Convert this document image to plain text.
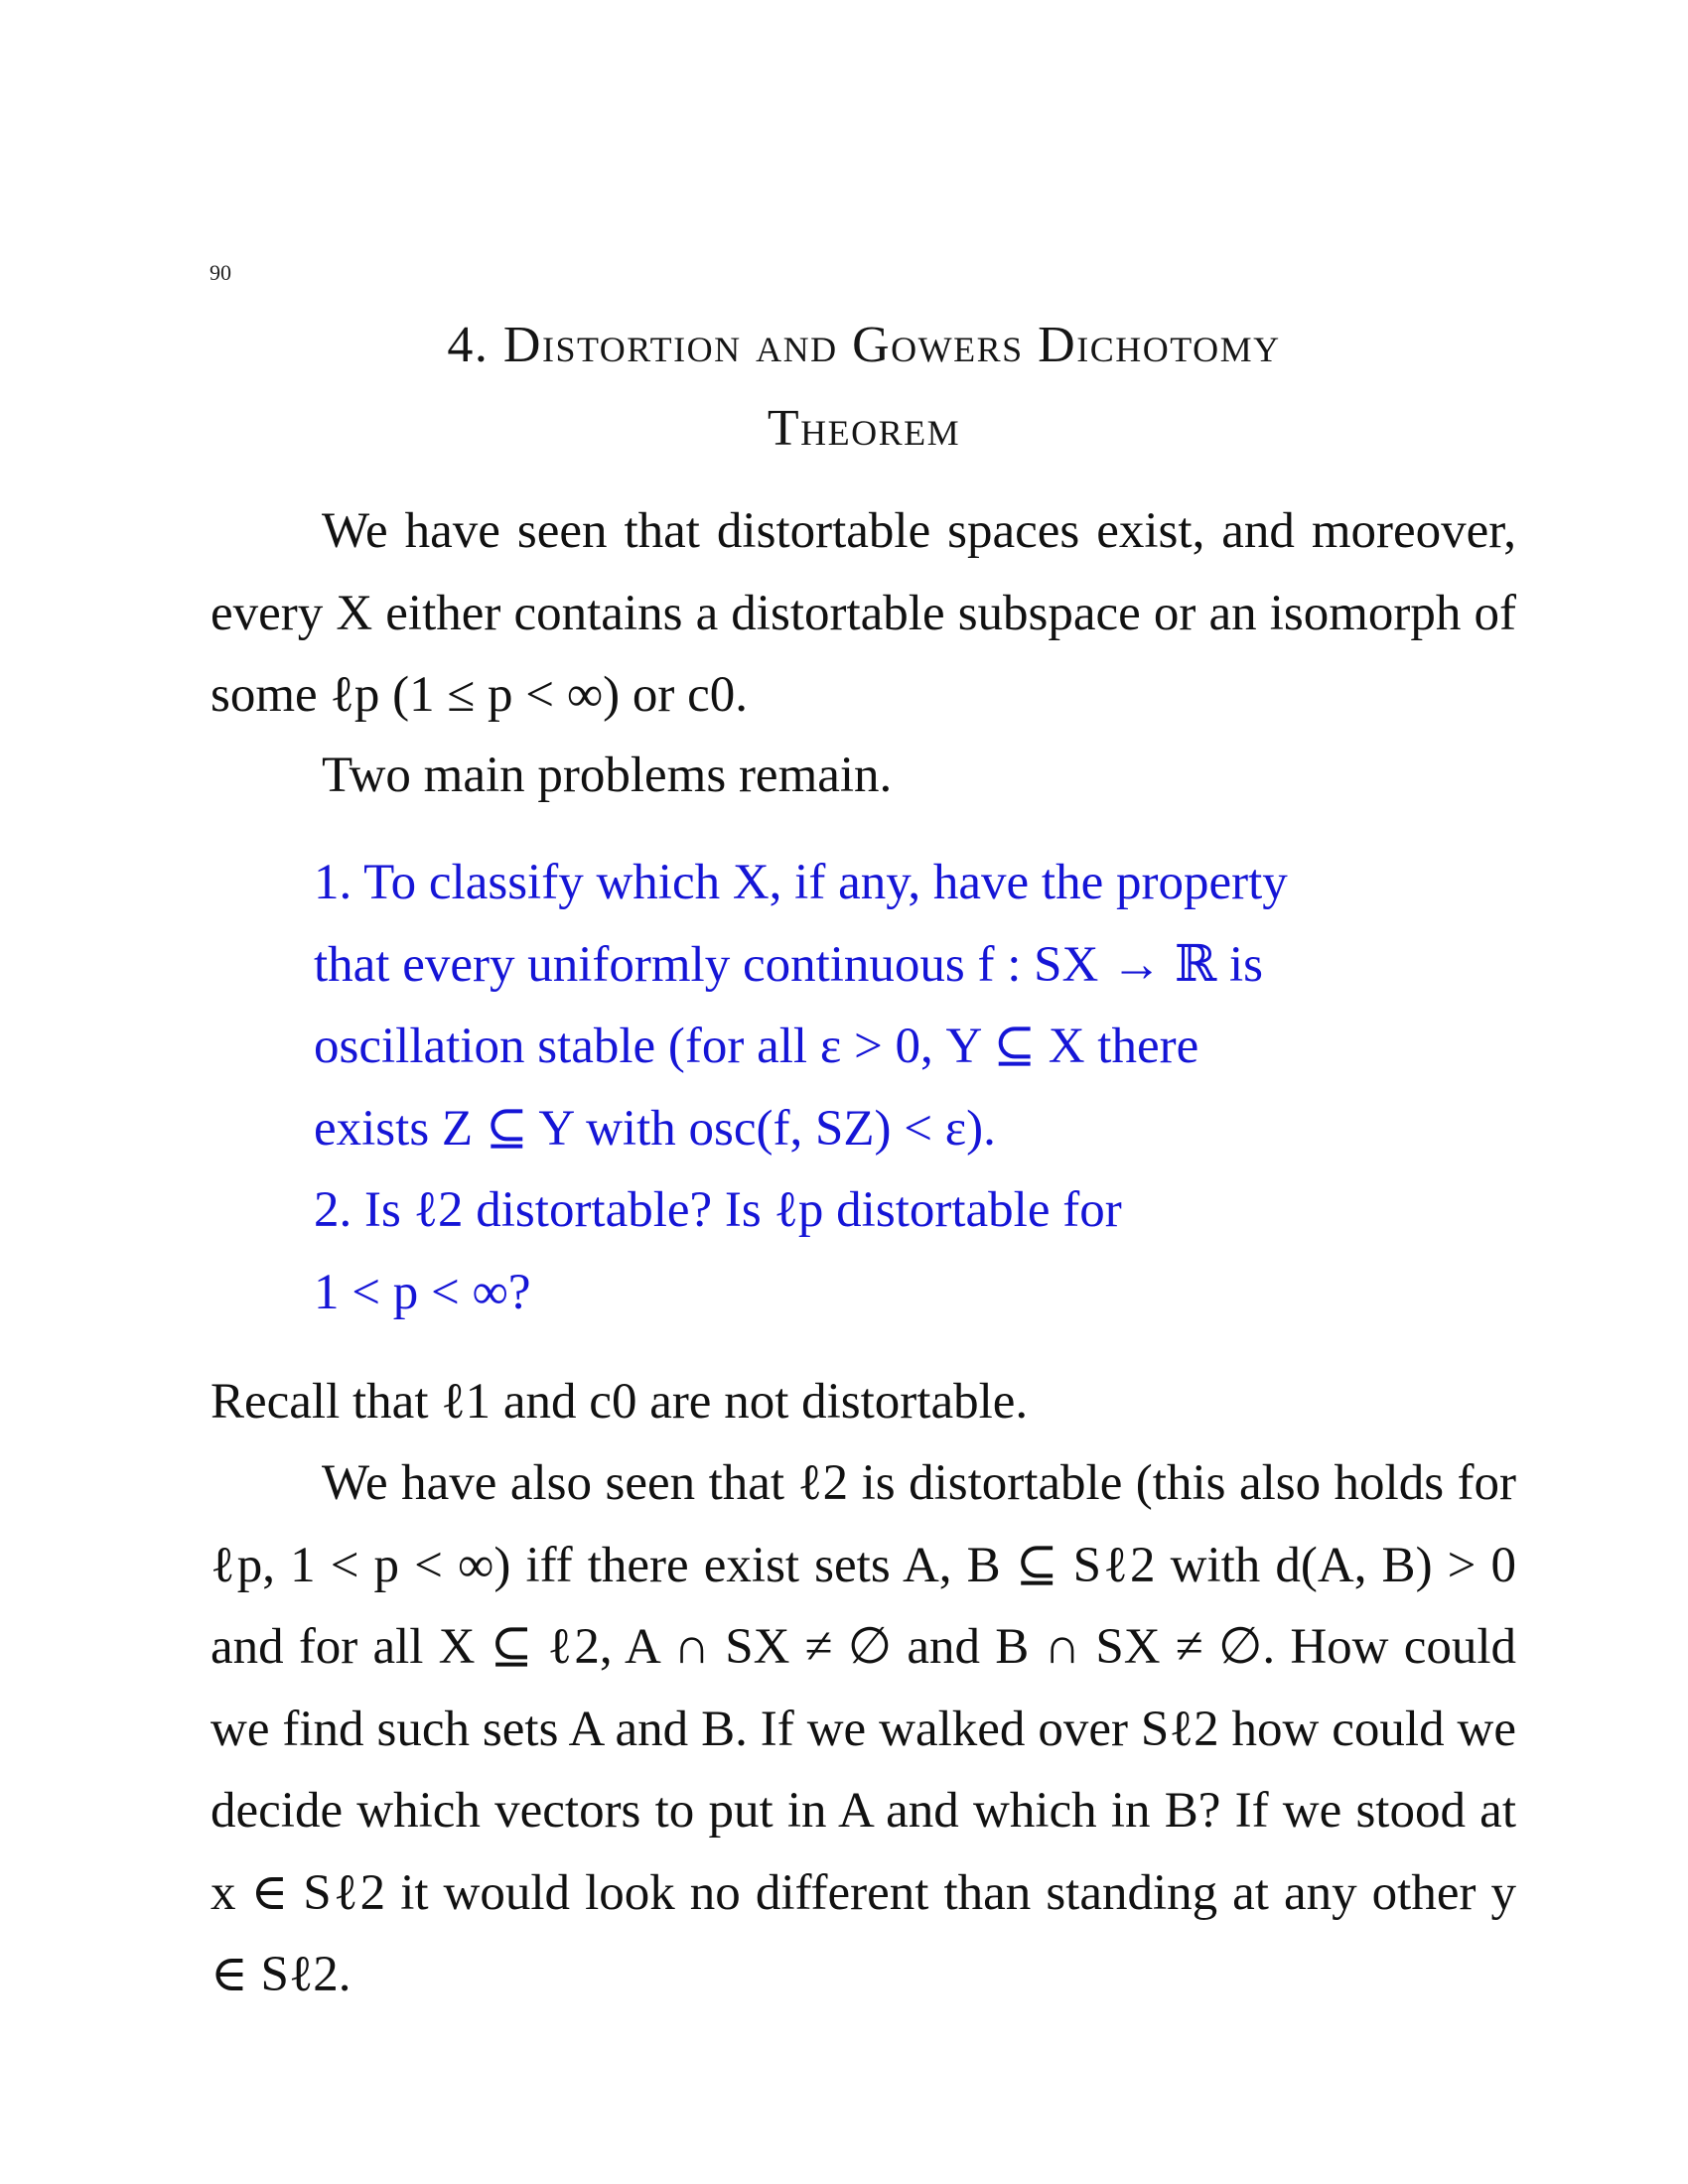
90
4. Distortion and Gowers Dichotomy
Theorem
We have seen that distortable spaces exist, and moreover, every X either contains a distortable subspace or an isomorph of some ℓp (1 ≤ p < ∞) or c0.
Two main problems remain.
1. To classify which X, if any, have the property
that every uniformly continuous f : SX → ℝ is
oscillation stable (for all ε > 0, Y ⊆ X there
exists Z ⊆ Y with osc(f, SZ) < ε).
2. Is ℓ2 distortable? Is ℓp distortable for
1 < p < ∞?
Recall that ℓ1 and c0 are not distortable.
We have also seen that ℓ2 is distortable (this also holds for ℓp, 1 < p < ∞) iff there exist sets A, B ⊆ Sℓ2 with d(A, B) > 0 and for all X ⊆ ℓ2, A ∩ SX ≠ ∅ and B ∩ SX ≠ ∅. How could we find such sets A and B. If we walked over Sℓ2 how could we decide which vectors to put in A and which in B? If we stood at x ∈ Sℓ2 it would look no different than standing at any other y ∈ Sℓ2.
